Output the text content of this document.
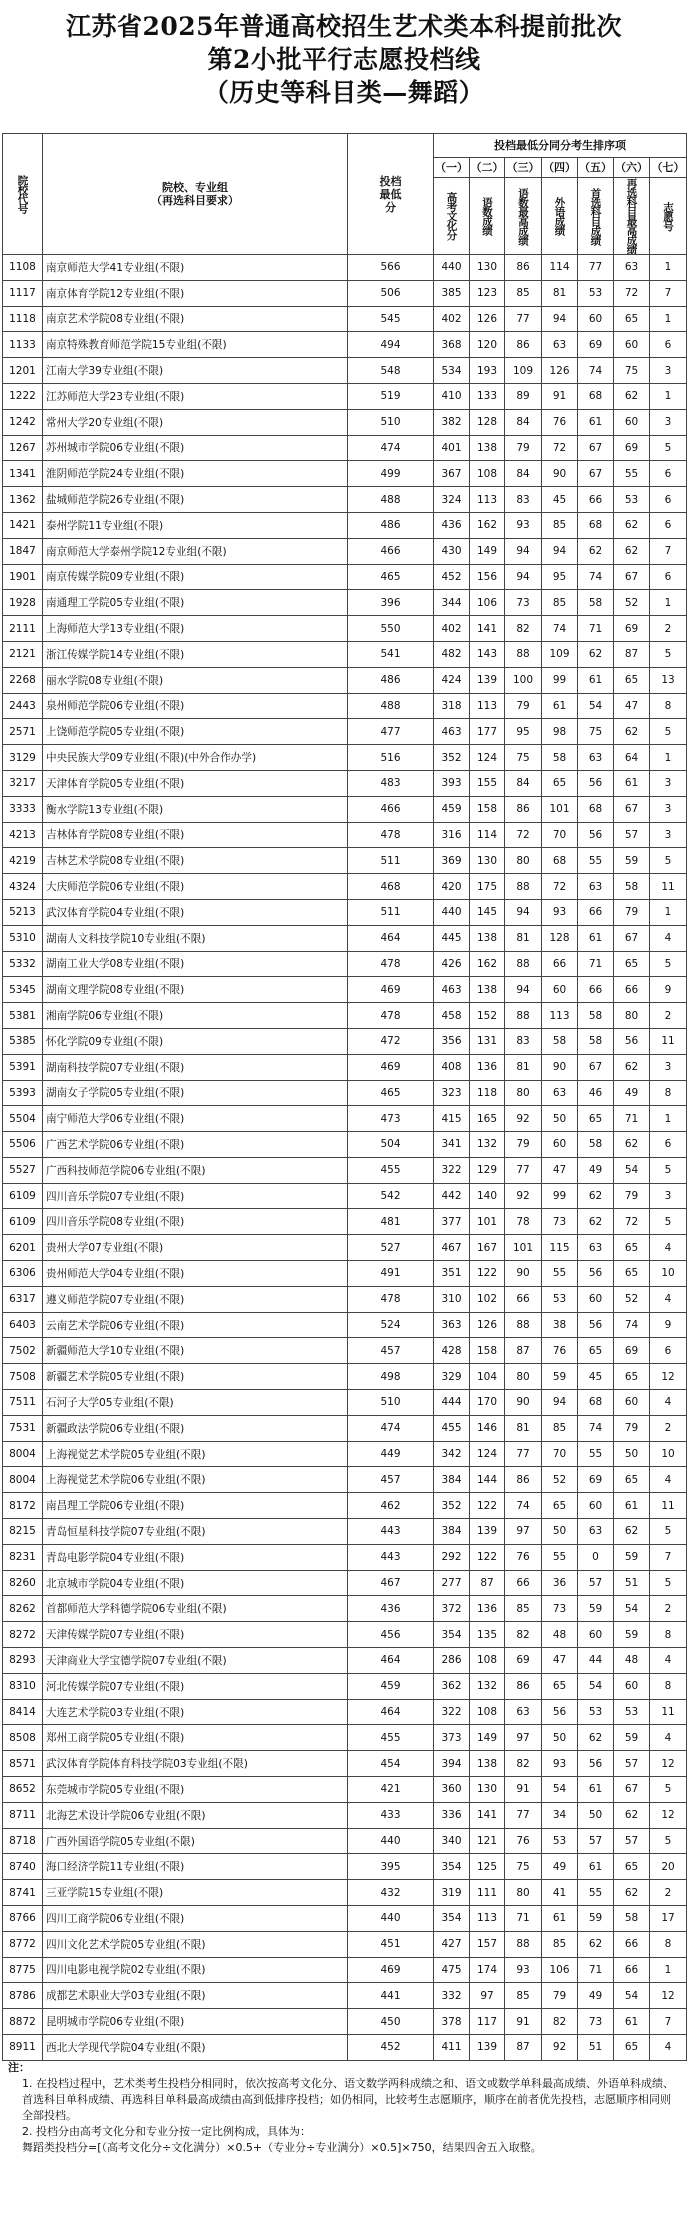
江苏省2025年普通高校招生艺术类本科提前批次
第2小批平行志愿投档线
（历史等科目类—舞蹈）
院校代号	院校、专业组
（再选科目要求）	投档最低分	投档最低分同分考生排序项						
			（一）	（二）	（三）	（四）	（五）	（六）	（七）

			高考文化分	语数成绩	语数最高成绩	外语成绩	首选科目成绩	再选科目最高成绩	志愿号

1108	南京师范大学41专业组(不限)	566	440	130	86	114	77	63	1
1117	南京体育学院12专业组(不限)	506	385	123	85	81	53	72	7
1118	南京艺术学院08专业组(不限)	545	402	126	77	94	60	65	1
1133	南京特殊教育师范学院15专业组(不限)	494	368	120	86	63	69	60	6
1201	江南大学39专业组(不限)	548	534	193	109	126	74	75	3
1222	江苏师范大学23专业组(不限)	519	410	133	89	91	68	62	1
1242	常州大学20专业组(不限)	510	382	128	84	76	61	60	3
1267	苏州城市学院06专业组(不限)	474	401	138	79	72	67	69	5
1341	淮阴师范学院24专业组(不限)	499	367	108	84	90	67	55	6
1362	盐城师范学院26专业组(不限)	488	324	113	83	45	66	53	6
1421	泰州学院11专业组(不限)	486	436	162	93	85	68	62	6
1847	南京师范大学泰州学院12专业组(不限)	466	430	149	94	94	62	62	7
1901	南京传媒学院09专业组(不限)	465	452	156	94	95	74	67	6
1928	南通理工学院05专业组(不限)	396	344	106	73	85	58	52	1
2111	上海师范大学13专业组(不限)	550	402	141	82	74	71	69	2
2121	浙江传媒学院14专业组(不限)	541	482	143	88	109	62	87	5
2268	丽水学院08专业组(不限)	486	424	139	100	99	61	65	13
2443	泉州师范学院06专业组(不限)	488	318	113	79	61	54	47	8
2571	上饶师范学院05专业组(不限)	477	463	177	95	98	75	62	5
3129	中央民族大学09专业组(不限)(中外合作办学)	516	352	124	75	58	63	64	1
3217	天津体育学院05专业组(不限)	483	393	155	84	65	56	61	3
3333	衡水学院13专业组(不限)	466	459	158	86	101	68	67	3
4213	吉林体育学院08专业组(不限)	478	316	114	72	70	56	57	3
4219	吉林艺术学院08专业组(不限)	511	369	130	80	68	55	59	5
4324	大庆师范学院06专业组(不限)	468	420	175	88	72	63	58	11
5213	武汉体育学院04专业组(不限)	511	440	145	94	93	66	79	1
5310	湖南人文科技学院10专业组(不限)	464	445	138	81	128	61	67	4
5332	湖南工业大学08专业组(不限)	478	426	162	88	66	71	65	5
5345	湖南文理学院08专业组(不限)	469	463	138	94	60	66	66	9
5381	湘南学院06专业组(不限)	478	458	152	88	113	58	80	2
5385	怀化学院09专业组(不限)	472	356	131	83	58	58	56	11
5391	湖南科技学院07专业组(不限)	469	408	136	81	90	67	62	3
5393	湖南女子学院05专业组(不限)	465	323	118	80	63	46	49	8
5504	南宁师范大学06专业组(不限)	473	415	165	92	50	65	71	1
5506	广西艺术学院06专业组(不限)	504	341	132	79	60	58	62	6
5527	广西科技师范学院06专业组(不限)	455	322	129	77	47	49	54	5
6109	四川音乐学院07专业组(不限)	542	442	140	92	99	62	79	3
6109	四川音乐学院08专业组(不限)	481	377	101	78	73	62	72	5
6201	贵州大学07专业组(不限)	527	467	167	101	115	63	65	4
6306	贵州师范大学04专业组(不限)	491	351	122	90	55	56	65	10
6317	遵义师范学院07专业组(不限)	478	310	102	66	53	60	52	4
6403	云南艺术学院06专业组(不限)	524	363	126	88	38	56	74	9
7502	新疆师范大学10专业组(不限)	457	428	158	87	76	65	69	6
7508	新疆艺术学院05专业组(不限)	498	329	104	80	59	45	65	12
7511	石河子大学05专业组(不限)	510	444	170	90	94	68	60	4
7531	新疆政法学院06专业组(不限)	474	455	146	81	85	74	79	2
8004	上海视觉艺术学院05专业组(不限)	449	342	124	77	70	55	50	10
8004	上海视觉艺术学院06专业组(不限)	457	384	144	86	52	69	65	4
8172	南昌理工学院06专业组(不限)	462	352	122	74	65	60	61	11
8215	青岛恒星科技学院07专业组(不限)	443	384	139	97	50	63	62	5
8231	青岛电影学院04专业组(不限)	443	292	122	76	55	0	59	7
8260	北京城市学院04专业组(不限)	467	277	87	66	36	57	51	5
8262	首都师范大学科德学院06专业组(不限)	436	372	136	85	73	59	54	2
8272	天津传媒学院07专业组(不限)	456	354	135	82	48	60	59	8
8293	天津商业大学宝德学院07专业组(不限)	464	286	108	69	47	44	48	4
8310	河北传媒学院07专业组(不限)	459	362	132	86	65	54	60	8
8414	大连艺术学院03专业组(不限)	464	322	108	63	56	53	53	11
8508	郑州工商学院05专业组(不限)	455	373	149	97	50	62	59	4
8571	武汉体育学院体育科技学院03专业组(不限)	454	394	138	82	93	56	57	12
8652	东莞城市学院05专业组(不限)	421	360	130	91	54	61	67	5
8711	北海艺术设计学院06专业组(不限)	433	336	141	77	34	50	62	12
8718	广西外国语学院05专业组(不限)	440	340	121	76	53	57	57	5
8740	海口经济学院11专业组(不限)	395	354	125	75	49	61	65	20
8741	三亚学院15专业组(不限)	432	319	111	80	41	55	62	2
8766	四川工商学院06专业组(不限)	440	354	113	71	61	59	58	17
8772	四川文化艺术学院05专业组(不限)	451	427	157	88	85	62	66	8
8775	四川电影电视学院02专业组(不限)	469	475	174	93	106	71	66	1
8786	成都艺术职业大学03专业组(不限)	441	332	97	85	79	49	54	12
8872	昆明城市学院06专业组(不限)	450	378	117	91	82	73	61	7
8911	西北大学现代学院04专业组(不限)	452	411	139	87	92	51	65	4

注：

1. 在投档过程中，艺术类考生投档分相同时，依次按高考文化分、语文数学两科成绩之和、语文或数学单科最高成绩、外语单科成绩、首选科目单科成绩、再选科目单科最高成绩由高到低排序投档；如仍相同，比较考生志愿顺序，顺序在前者优先投档，志愿顺序相同则全部投档。

2. 投档分由高考文化分和专业分按一定比例构成，具体为：

舞蹈类投档分=[（高考文化分÷文化满分）×0.5+（专业分÷专业满分）×0.5]×750，结果四舍五入取整。
